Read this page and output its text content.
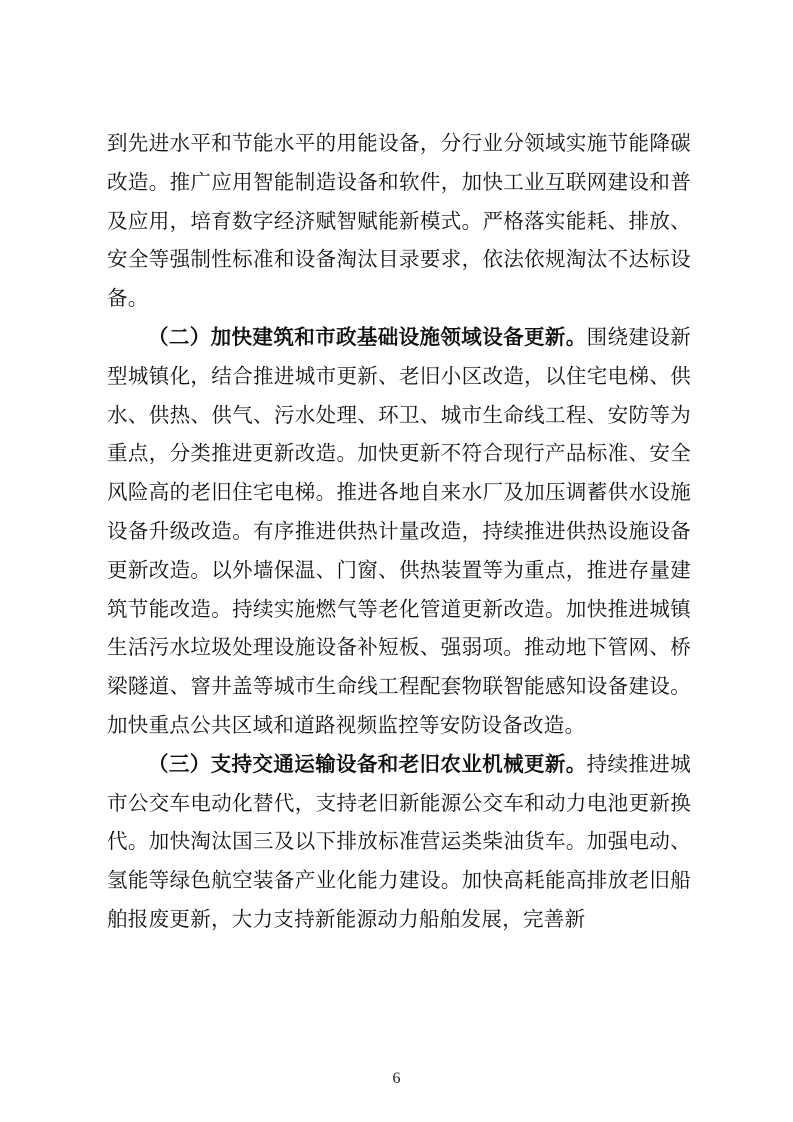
到先进水平和节能水平的用能设备，分行业分领域实施节能降碳改造。推广应用智能制造设备和软件，加快工业互联网建设和普及应用，培育数字经济赋智赋能新模式。严格落实能耗、排放、安全等强制性标准和设备淘汰目录要求，依法依规淘汰不达标设备。

（二）加快建筑和市政基础设施领域设备更新。围绕建设新型城镇化，结合推进城市更新、老旧小区改造，以住宅电梯、供水、供热、供气、污水处理、环卫、城市生命线工程、安防等为重点，分类推进更新改造。加快更新不符合现行产品标准、安全风险高的老旧住宅电梯。推进各地自来水厂及加压调蓄供水设施设备升级改造。有序推进供热计量改造，持续推进供热设施设备更新改造。以外墙保温、门窗、供热装置等为重点，推进存量建筑节能改造。持续实施燃气等老化管道更新改造。加快推进城镇生活污水垃圾处理设施设备补短板、强弱项。推动地下管网、桥梁隧道、窨井盖等城市生命线工程配套物联智能感知设备建设。加快重点公共区域和道路视频监控等安防设备改造。

（三）支持交通运输设备和老旧农业机械更新。持续推进城市公交车电动化替代，支持老旧新能源公交车和动力电池更新换代。加快淘汰国三及以下排放标准营运类柴油货车。加强电动、氢能等绿色航空装备产业化能力建设。加快高耗能高排放老旧船舶报废更新，大力支持新能源动力船舶发展，完善新

6
